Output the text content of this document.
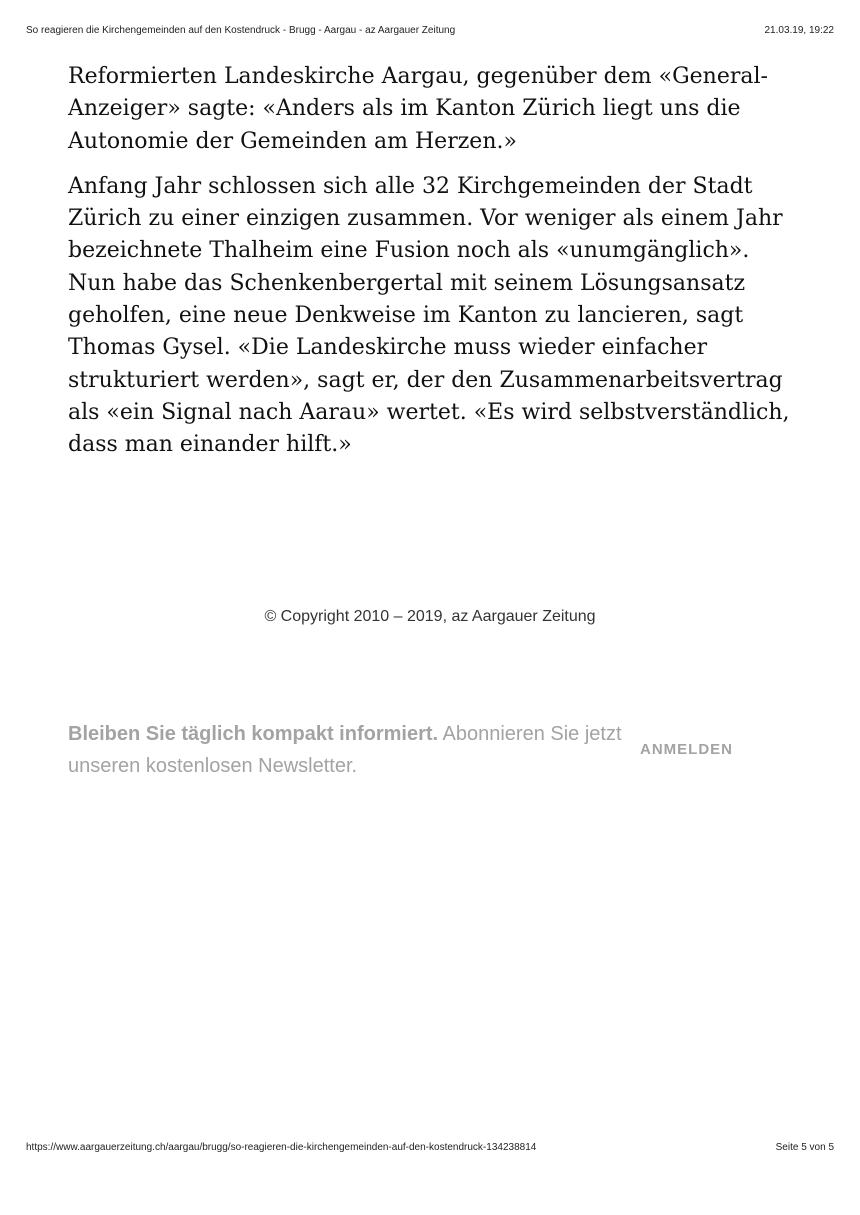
So reagieren die Kirchengemeinden auf den Kostendruck - Brugg - Aargau - az Aargauer Zeitung	21.03.19, 19:22

Reformierten Landeskirche Aargau, gegenüber dem «General-Anzeiger» sagte: «Anders als im Kanton Zürich liegt uns die Autonomie der Gemeinden am Herzen.»

Anfang Jahr schlossen sich alle 32 Kirchgemeinden der Stadt Zürich zu einer einzigen zusammen. Vor weniger als einem Jahr bezeichnete Thalheim eine Fusion noch als «unumgänglich». Nun habe das Schenkenbergertal mit seinem Lösungsansatz geholfen, eine neue Denkweise im Kanton zu lancieren, sagt Thomas Gysel. «Die Landeskirche muss wieder einfacher strukturiert werden», sagt er, der den Zusammenarbeitsvertrag als «ein Signal nach Aarau» wertet. «Es wird selbstverständlich, dass man einander hilft.»

© Copyright 2010 – 2019, az Aargauer Zeitung
Bleiben Sie täglich kompakt informiert. Abonnieren Sie jetzt unseren kostenlosen Newsletter.
ANMELDEN
https://www.aargauerzeitung.ch/aargau/brugg/so-reagieren-die-kirchengemeinden-auf-den-kostendruck-134238814	Seite 5 von 5
